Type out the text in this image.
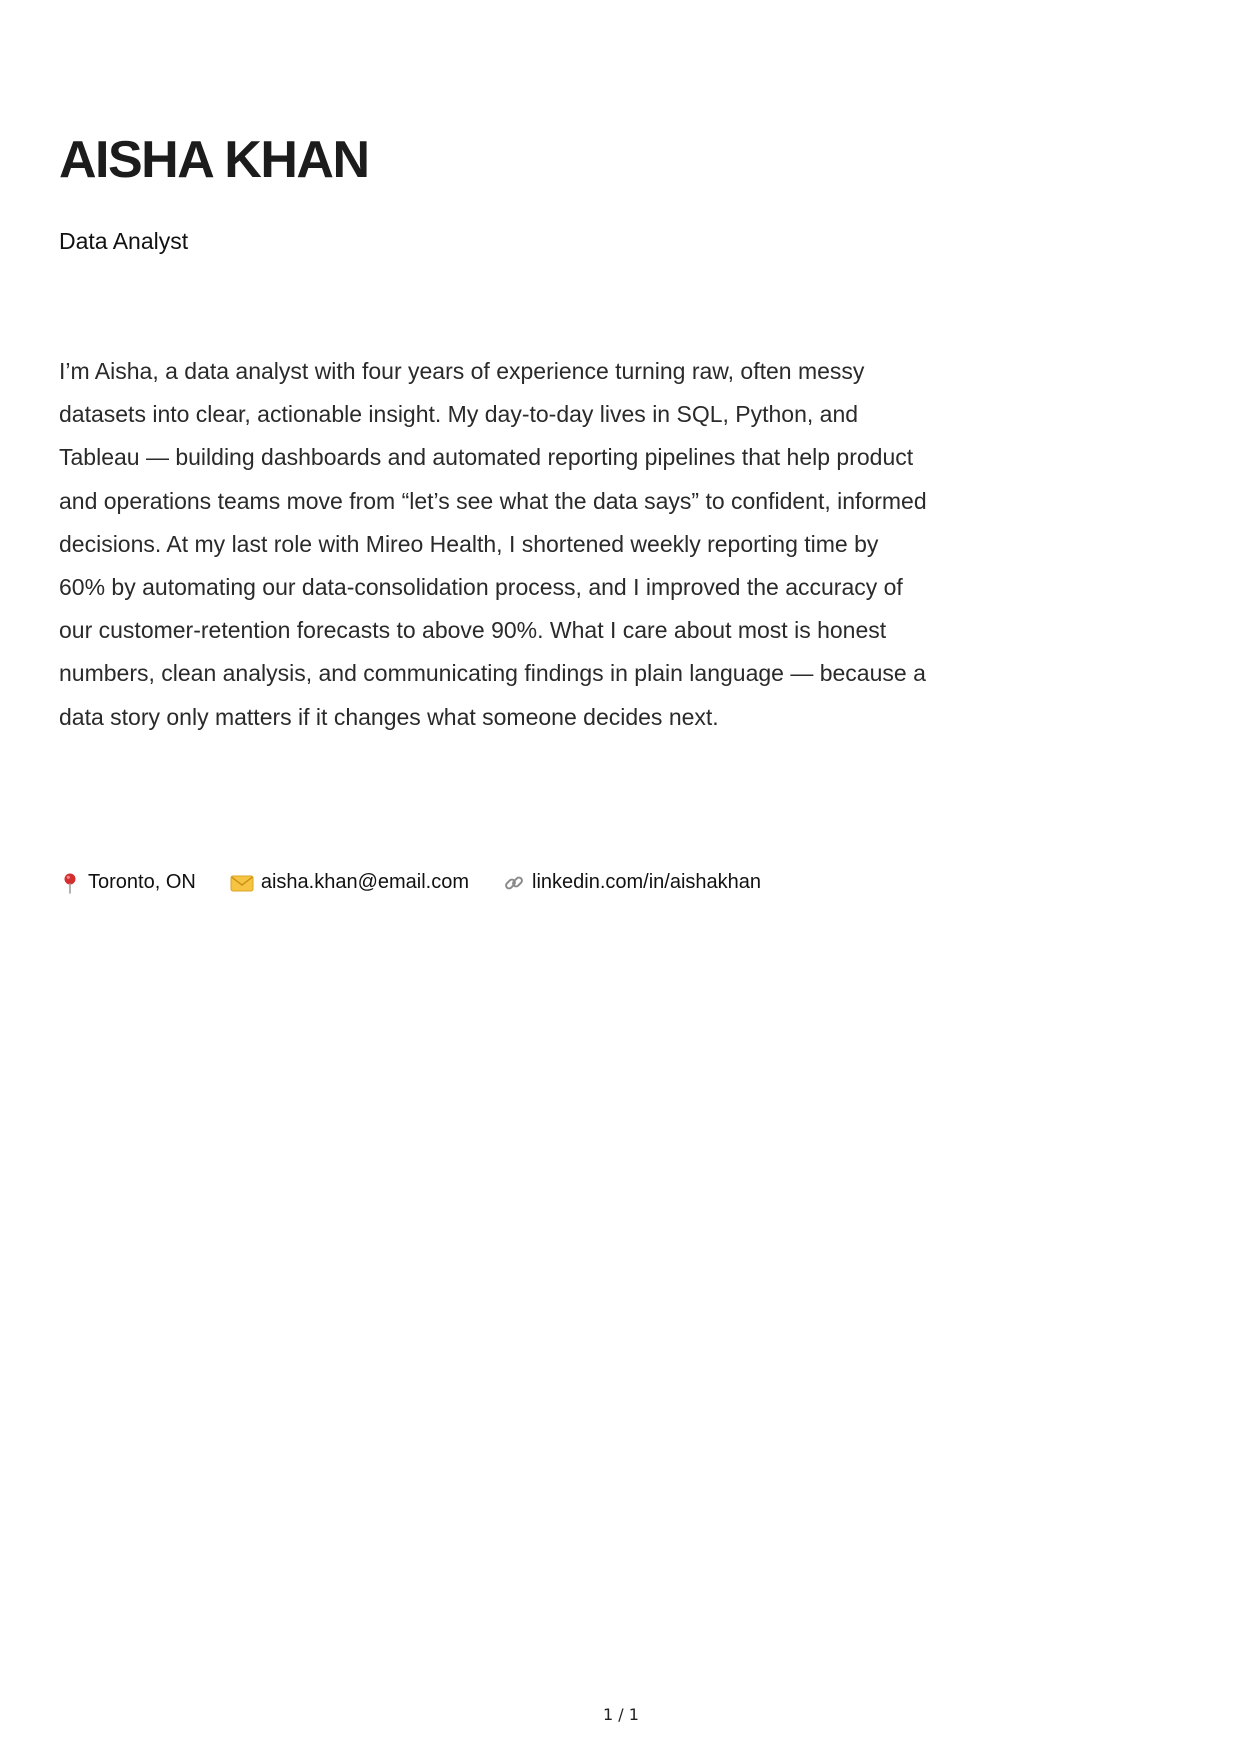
AISHA KHAN

Data Analyst

I’m Aisha, a data analyst with four years of experience turning raw, often messy datasets into clear, actionable insight. My day-to-day lives in SQL, Python, and Tableau — building dashboards and automated reporting pipelines that help product and operations teams move from “let’s see what the data says” to confident, informed decisions. At my last role with Mireo Health, I shortened weekly reporting time by 60% by automating our data-consolidation process, and I improved the accuracy of our customer-retention forecasts to above 90%. What I care about most is honest numbers, clean analysis, and communicating findings in plain language — because a data story only matters if it changes what someone decides next.

Toronto, ON	aisha.khan@email.com	linkedin.com/in/aishakhan
1 / 1
